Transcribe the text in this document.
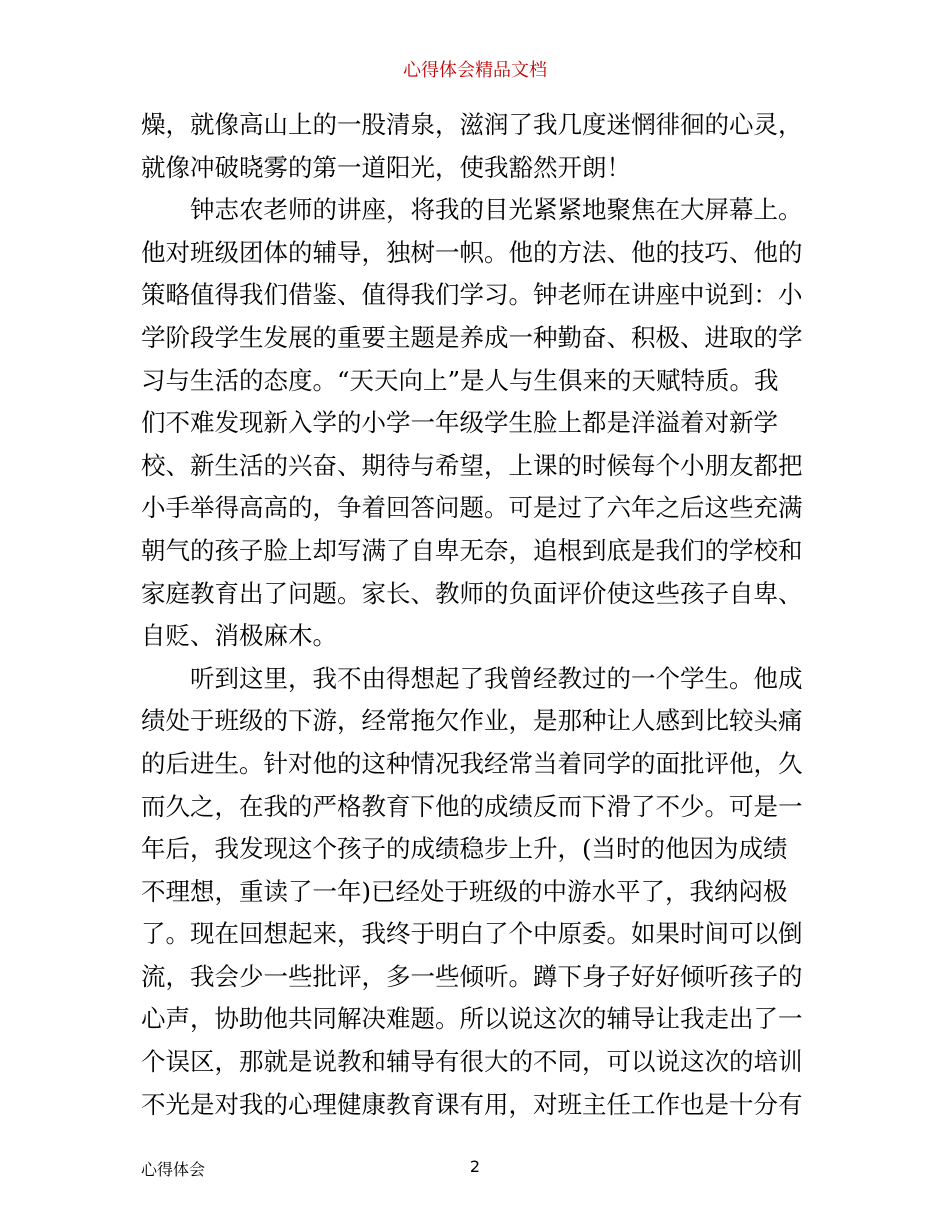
心得体会精品文档
燥，就像高山上的一股清泉，滋润了我几度迷惘徘徊的心灵，
就像冲破晓雾的第一道阳光，使我豁然开朗！
钟志农老师的讲座，将我的目光紧紧地聚焦在大屏幕上。
他对班级团体的辅导，独树一帜。他的方法、他的技巧、他的
策略值得我们借鉴、值得我们学习。钟老师在讲座中说到：小
学阶段学生发展的重要主题是养成一种勤奋、积极、进取的学
习与生活的态度。“天天向上”是人与生俱来的天赋特质。我
们不难发现新入学的小学一年级学生脸上都是洋溢着对新学
校、新生活的兴奋、期待与希望，上课的时候每个小朋友都把
小手举得高高的，争着回答问题。可是过了六年之后这些充满
朝气的孩子脸上却写满了自卑无奈，追根到底是我们的学校和
家庭教育出了问题。家长、教师的负面评价使这些孩子自卑、
自贬、消极麻木。
听到这里，我不由得想起了我曾经教过的一个学生。他成
绩处于班级的下游，经常拖欠作业，是那种让人感到比较头痛
的后进生。针对他的这种情况我经常当着同学的面批评他，久
而久之，在我的严格教育下他的成绩反而下滑了不少。可是一
年后，我发现这个孩子的成绩稳步上升，(当时的他因为成绩
不理想，重读了一年)已经处于班级的中游水平了，我纳闷极
了。现在回想起来，我终于明白了个中原委。如果时间可以倒
流，我会少一些批评，多一些倾听。蹲下身子好好倾听孩子的
心声，协助他共同解决难题。所以说这次的辅导让我走出了一
个误区，那就是说教和辅导有很大的不同，可以说这次的培训
不光是对我的心理健康教育课有用，对班主任工作也是十分有
心得体会	2
